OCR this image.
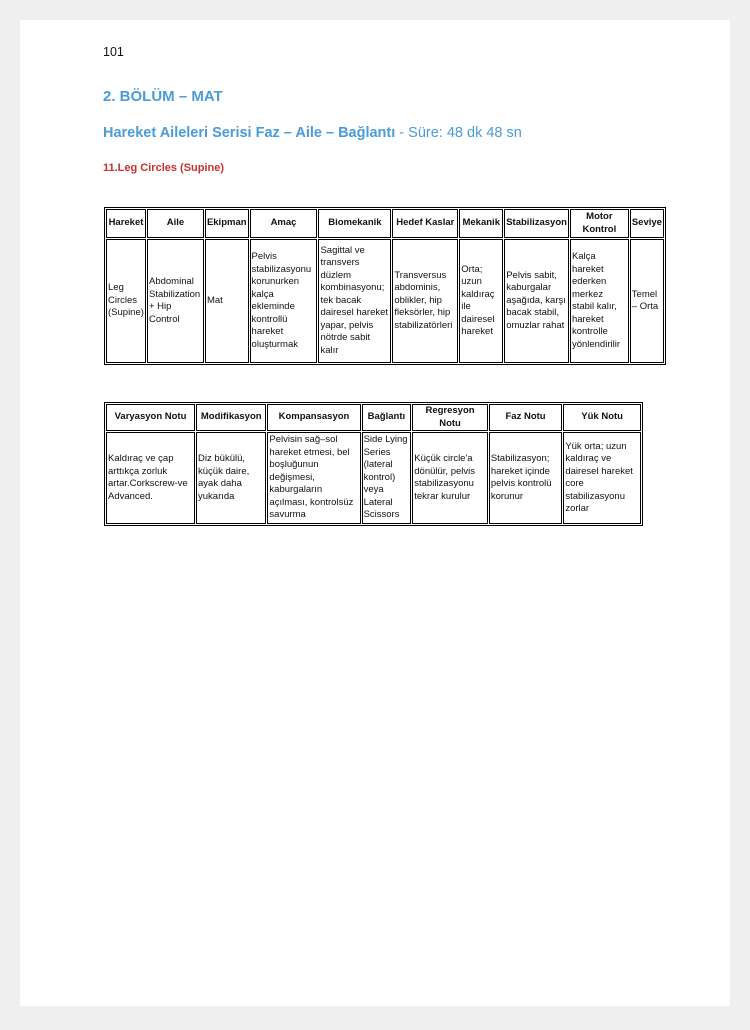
101
2. BÖLÜM – MAT
Hareket Aileleri Serisi Faz – Aile – Bağlantı - Süre: 48 dk 48 sn
11.Leg Circles (Supine)
Hareket	Aile	Ekipman	Amaç	Biomekanik	Hedef Kaslar	Mekanik	Stabilizasyon	Motor Kontrol	Seviye
Leg Circles (Supine)	Abdominal Stabilization + Hip Control	Mat	Pelvis stabilizasyonu korunurken kalça ekleminde kontrollü hareket oluşturmak	Sagittal ve transvers düzlem kombinasyonu; tek bacak dairesel hareket yapar, pelvis nötrde sabit kalır	Transversus abdominis, oblikler, hip fleksörler, hip stabilizatörleri	Orta; uzun kaldıraç ile dairesel hareket	Pelvis sabit, kaburgalar aşağıda, karşı bacak stabil, omuzlar rahat	Kalça hareket ederken merkez stabil kalır, hareket kontrolle yönlendirilir	Temel – Orta
Varyasyon Notu	Modifikasyon	Kompansasyon	Bağlantı	Regresyon Notu	Faz Notu	Yük Notu
Kaldıraç ve çap arttıkça zorluk artar.Corkscrew-ve Advanced.	Diz bükülü, küçük daire, ayak daha yukarıda	Pelvisin sağ–sol hareket etmesi, bel boşluğunun değişmesi, kaburgaların açılması, kontrolsüz savurma	Side Lying Series (lateral kontrol) veya Lateral Scissors	Küçük circle'a dönülür, pelvis stabilizasyonu tekrar kurulur	Stabilizasyon; hareket içinde pelvis kontrolü korunur	Yük orta; uzun kaldıraç ve dairesel hareket core stabilizasyonu zorlar
